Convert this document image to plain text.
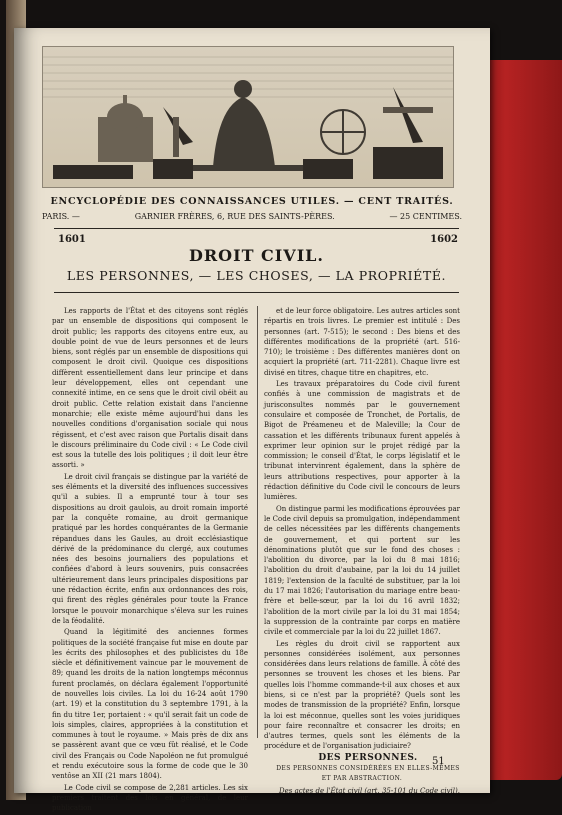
ENCYCLOPÉDIE DES CONNAISSANCES UTILES. — CENT TRAITÉS.
PARIS. —	GARNIER FRÈRES, 6, RUE DES SAINTS-PÈRES.	— 25 CENTIMES.
1601	1602
DROIT CIVIL.
LES PERSONNES, — LES CHOSES, — LA PROPRIÉTÉ.

Les rapports de l'État et des citoyens sont réglés par un ensemble de dispositions qui composent le droit public; les rapports des citoyens entre eux, au double point de vue de leurs personnes et de leurs biens, sont réglés par un ensemble de dispositions qui composent le droit civil. Quoique ces dispositions diffèrent essentiellement dans leur principe et dans leur développement, elles ont cependant une connexité intime, en ce sens que le droit civil obéit au droit public. Cette relation existait dans l'ancienne monarchie; elle existe même aujourd'hui dans les nouvelles conditions d'organisation sociale qui nous régissent, et c'est avec raison que Portalis disait dans le discours préliminaire du Code civil : « Le Code civil est sous la tutelle des lois politiques ; il doit leur être assorti. »

Le droit civil français se distingue par la variété de ses éléments et la diversité des influences successives qu'il a subies. Il a emprunté tour à tour ses dispositions au droit gaulois, au droit romain importé par la conquête romaine, au droit germanique pratiqué par les hordes conquérantes de la Germanie répandues dans les Gaules, au droit ecclésiastique dérivé de la prédominance du clergé, aux coutumes nées des besoins journaliers des populations et confiées d'abord à leurs souvenirs, puis consacrées ultérieurement dans leurs principales dispositions par une rédaction écrite, enfin aux ordonnances des rois, qui firent des règles générales pour toute la France lorsque le pouvoir monarchique s'éleva sur les ruines de la féodalité.

Quand la légitimité des anciennes formes politiques de la société française fut mise en doute par les écrits des philosophes et des publicistes du 18e siècle et définitivement vaincue par le mouvement de 89; quand les droits de la nation longtemps méconnus furent proclamés, on déclara également l'opportunité de nouvelles lois civiles. La loi du 16-24 août 1790 (art. 19) et la constitution du 3 septembre 1791, à la fin du titre 1er, portaient : « qu'il serait fait un code de lois simples, claires, appropriées à la constitution et communes à tout le royaume. » Mais près de dix ans se passèrent avant que ce vœu fût réalisé, et le Code civil des Français ou Code Napoléon ne fut promulgué et rendu exécutoire sous la forme de code que le 30 ventôse an XII (21 mars 1804).

Le Code civil se compose de 2,281 articles. Les six premiers traitent des lois en général, de leur publication

et de leur force obligatoire. Les autres articles sont répartis en trois livres. Le premier est intitulé : Des personnes (art. 7-515); le second : Des biens et des différentes modifications de la propriété (art. 516-710); le troisième : Des différentes manières dont on acquiert la propriété (art. 711-2281). Chaque livre est divisé en titres, chaque titre en chapitres, etc.

Les travaux préparatoires du Code civil furent confiés à une commission de magistrats et de jurisconsultes nommés par le gouvernement consulaire et composée de Tronchet, de Portalis, de Bigot de Préameneu et de Maleville; la Cour de cassation et les différents tribunaux furent appelés à exprimer leur opinion sur le projet rédigé par la commission; le conseil d'État, le corps législatif et le tribunat intervinrent également, dans la sphère de leurs attributions respectives, pour apporter à la rédaction définitive du Code civil le concours de leurs lumières.

On distingue parmi les modifications éprouvées par le Code civil depuis sa promulgation, indépendamment de celles nécessitées par les différents changements de gouvernement, et qui portent sur les dénominations plutôt que sur le fond des choses : l'abolition du divorce, par la loi du 8 mai 1816; l'abolition du droit d'aubaine, par la loi du 14 juillet 1819; l'extension de la faculté de substituer, par la loi du 17 mai 1826; l'autorisation du mariage entre beau-frère et belle-sœur, par la loi du 16 avril 1832; l'abolition de la mort civile par la loi du 31 mai 1854; la suppression de la contrainte par corps en matière civile et commerciale par la loi du 22 juillet 1867.

Les règles du droit civil se rapportent aux personnes considérées isolément, aux personnes considérées dans leurs relations de famille. À côté des personnes se trouvent les choses et les biens. Par quelles lois l'homme commande-t-il aux choses et aux biens, si ce n'est par la propriété? Quels sont les modes de transmission de la propriété? Enfin, lorsque la loi est méconnue, quelles sont les voies juridiques pour faire reconnaître et consacrer les droits; en d'autres termes, quels sont les éléments de la procédure et de l'organisation judiciaire?

DES PERSONNES.

DES PERSONNES CONSIDÉRÉES EN ELLES-MÊMES ET PAR ABSTRACTION.

Des actes de l'État civil (art. 35-101 du Code civil).

51
